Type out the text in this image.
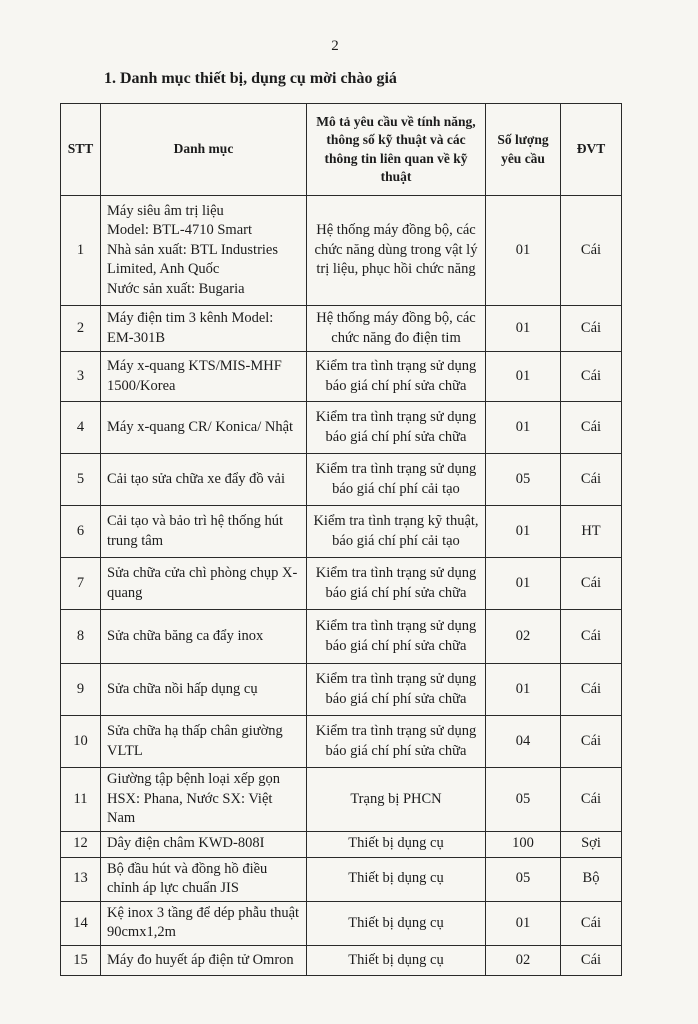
2
1. Danh mục thiết bị, dụng cụ mời chào giá
STT	Danh mục	Mô tả yêu cầu về tính năng, thông số kỹ thuật và các thông tin liên quan về kỹ thuật	Số lượng yêu cầu	ĐVT
1	Máy siêu âm trị liệu
Model: BTL-4710 Smart
Nhà sản xuất: BTL Industries Limited, Anh Quốc
Nước sản xuất: Bugaria	Hệ thống máy đồng bộ, các chức năng dùng trong vật lý trị liệu, phục hồi chức năng	01	Cái
2	Máy điện tim 3 kênh Model: EM-301B	Hệ thống máy đồng bộ, các chức năng đo điện tim	01	Cái
3	Máy x-quang KTS/MIS-MHF 1500/Korea	Kiểm tra tình trạng sử dụng báo giá chí phí sửa chữa	01	Cái
4	Máy x-quang CR/ Konica/ Nhật	Kiểm tra tình trạng sử dụng báo giá chí phí sửa chữa	01	Cái
5	Cải tạo sửa chữa xe đẩy đồ vải	Kiểm tra tình trạng sử dụng báo giá chí phí cải tạo	05	Cái
6	Cải tạo và bảo trì hệ thống hút trung tâm	Kiểm tra tình trạng kỹ thuật, báo giá chí phí cải tạo	01	HT
7	Sửa chữa cửa chì phòng chụp X-quang	Kiểm tra tình trạng sử dụng báo giá chí phí sửa chữa	01	Cái
8	Sửa chữa băng ca đẩy inox	Kiểm tra tình trạng sử dụng báo giá chí phí sửa chữa	02	Cái
9	Sửa chữa nồi hấp dụng cụ	Kiểm tra tình trạng sử dụng báo giá chí phí sửa chữa	01	Cái
10	Sửa chữa hạ thấp chân giường VLTL	Kiểm tra tình trạng sử dụng báo giá chí phí sửa chữa	04	Cái
11	Giường tập bệnh loại xếp gọn HSX: Phana, Nước SX: Việt Nam	Trạng bị PHCN	05	Cái
12	Dây điện châm KWD-808I	Thiết bị dụng cụ	100	Sợi
13	Bộ đầu hút và đồng hồ điều chỉnh áp lực chuẩn JIS	Thiết bị dụng cụ	05	Bộ
14	Kệ inox 3 tầng để dép phẫu thuật 90cmx1,2m	Thiết bị dụng cụ	01	Cái
15	Máy đo huyết áp điện tử Omron	Thiết bị dụng cụ	02	Cái
